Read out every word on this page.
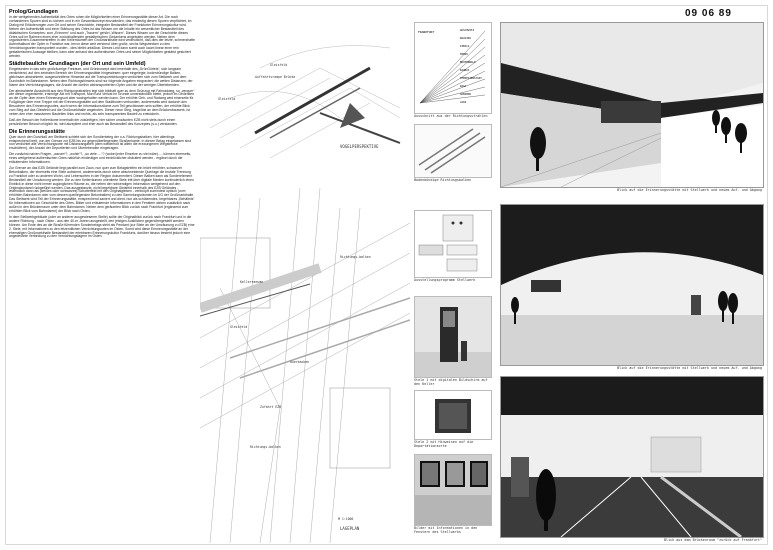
09 06 89
Prolog/Grundlagen

In der weitgehenden Authentizität des Ortes ruhen die Möglichkeiten einer Erinnerungsstätte dieser Art. Die noch vorhandenen Spuren sind zu sichern und in ein Gesamtkonzept einzubinden, das eindeutig diesen Spuren verpflichtet, im Dialog mit Erläuterungen zum Ort und seiner Geschichte, integraler Bestandteil der Frankfurter Erinnerungskultur wird. Neben der Authentizität und einer Stärkung des Ortes ist das Wissen um die Inhalte ein wesentlicher Bestandteil des didaktischen Konzeptes: zum „Erinnern“ und auch „Trauern“ gehört „Wissen“. Dieses Wissen um die Geschichte dieses Ortes soll im Rahmen eines eher zurückhaltenden gestalterischen Gedankens angeboten werden. Neben dem organisierten Zusammentreffen in den Kellerräumen der Großmarkthalle wird verdeutlicht, daß dies der letzte, schmerzhafte Aufenthaltsort der Opfer in Frankfurt war, bevor diese weit verstreut über große, sechs Wegstrecken zu den Vernichtungsorten transportiert wurden - dies bleibt unfaßbar. Dieses Leid kann somit auch kaum linear einer rein gestalterischen Aussage bleiben, kann aber anhand des authentischen Ortes und seiner Möglichkeiten gestärkt gesichert werden.

Städtebauliche Grundlagen (der Ort und sein Umfeld)

Eingebunden in das sehr großräumige Freiraum- und Grünkonzept wird innerhalb des „GrünGürtels“, sich langsam verdichtend, auf den zentralen Bereich der Erinnerungsstätte hingewiesen: quer eingelegte, bodenbündige Balken, gleichsam abstrahierte, ausgeschnittene Hinweise auf die Transportrichtungen verdichten sich zum Stellwerk und dem Durchstich im Bahndamm. Neben dem Richtungshinweis sind nur folgende Angaben eingraviert: die weiten Distanzen, der Name des Vernichtungslagers, die Anzahl der dorthin abtransportierten Opfer und die der wenigen Überlebenden.

Der abstrahierte Ausschnitt aus den Richtungsstrahlen legt sich bildhaft quer zu dem Grünzug mit Fahrradweg, so „verquer“ wie dieser organisierte, irrsinnige Akt mit Transport, Mord und Verlust im Grunde unverständlich bleibt, jedoch im Gedenken an die Opfer über einen Erinnerungsort aber wachgehalten werden kann. Der erhöhte Geh- und Radweg wird einerseits für Fußgänger über eine Treppe mit der Erinnerungsstätte auf dem Stadtboden verbunden, andererseits wird dadurch den Besuchern des Erinnerungsortes, auch wenn die Informationsräume zum Teil geschlossen sein sollten, der erhöhte Blick vom Steg auf das Gleisfeld und die Großmarkthalle angeboten. Dieser neue Steg, losgelöst an dem Brückenbauwerk, ist neben den eher massiveren Bauteilen links und rechts, als sehr transparentes Bauteil zu entwickeln.

Daß der Besuch der Kellerräume innerhalb der zukünftigen, hier sicher umzäunten EZB nicht stets durch einen persönlichen Besuch möglich ist, wird akzeptiert und eher auch als Bestandteil des Konzeptes (s.u.) verstanden.

Die Erinnerungsstätte

Quer durch den Durchlaß am Stellwerk schiebt sich der Sondierbeleg der o.a. Richtungsbalken, hier allerdings entsprechend breit, von der Grenze zur EZB bis zur gegenüberliegenden Straßenkante. In diesen Belag eingelassen sind nun verdichtet alle Vernichtungsorte mit Distanzangaben (dem wiederholt ist allein die erzwungenen Wegstrecke erschüttern), der Anzahl der Deportierten und Überlebenden eingetragen.

Die zunächst naiven Fragen, „warum“?, „wohin“?, „so viele.....“? (wobei jeder Einzelne zu viel wäre)..... können einerseits, eines weitgehend authentischen Ortes natürlich eindeutiger und eindrücklicher diskutiert werden - ergänzt durch die erläuternden Informationen.

Zur Grenze an das EZB Gelände liegt parallel zum Zaun, nun quer zum Belagstreifen ein leicht erhöhter, schwarzer Betonbalken, der einerseits eine Stele aufnimmt, andererseits durch seine abschneidende Querlage die brutale Trennung zu Frankfurt oder zu anderen Wohn- und Lebensorten in der Region dokumentiert. Dieser Balken kann als Sonderelement Bestandteil der Umzäunung werden. Die zu den Kellerräumen orientierte Stele tritt über digitale Medien kontinuierlich einen Einblick in diese nicht immer zugänglichen Räume zu, die neben der notwendigen Information weitgehend auf den Originalzustand rückgeführt werden. Das ausgestanzte, nicht begehbare Gleisfeld innerhalb des EZB Geländes - letzendlich dann als (weißes oder schwarzes) Schotterfeld mit den Originalgleisen - verknüpft zumindest optisch (vom erhöhten Bahndamm oder vom dessen querliegenden Betonbalken) zu den Sammlungsräumen im UG der Großmarkthalle. Das Stellwerk wird Teil der Erinnerungsstätte, entsprechend saniert und dient, nun als schützendes, begehbares „Behältnis“ für Informationen zur Geschichte des Ortes. Bilder und erläuternde Informationen in den Fenstern wirken zusätzlich nach außen in den Brückenraum unter dem Bahndamm. Neben dem geräumten Blick zurück nach Frankfurt (ergänzend zum erhöhten Blick vom Bahndamm) der Blick nach Osten.

In dem Stellwerkgebäude (oder an anderer ausgewiesener Stelle) sollte der Originalblick zurück nach Frankfurt und in die andere Richtung - nach Osten - aus den 40-er Jahren ausgestellt, den jetzigen Ausblicken gegenübergestellt werden können. Am Ende des an die Straße führenden Sonderbelags steht als Pendant (zur Stele an der Umzäunung zu EZB) eine 2. Stele, mit Informationen zu den letzendlichen Vernichtungsorten im Osten. Somit wird diese Erinnerungsstätte an der ehemaligen Großmarkthalle Bestandteil der erlebbaren Erinnerungskultur Frankfurts, darüber hinaus besteht jedoch eine angedeutete Verbindung zu den Vernichtungslagern im Osten.

Gleisfeld
Auffahrtsrampe Brücke
Gleisfeld
VOGELPERSPEKTIVE
Richtungs-balken
Kellerraeume
Gleisfeld
Auerbacken
Zufahrt EZB
Richtungs-balken
LAGEPLAN
M 1:1000
FRANKFURT	AUSCHWITZ
RAASIKU
IZBICA
MINSK
BUCHENWALD
KAUNAS
THERESIENSTADT
RIGA
SOBIBOR
LODZ
Ausschnitt aus der Richtungsstrahlen
Bodenbündige Richtungsbalken
Ausstellungsprogramm Stellwerk
Stele 1 mit digitalen Bildschirm auf den Keller
Stele 2 mit Hinweisen auf die Deportationsorte
Bilder mit Informationen in den Fenstern des Stellwerks
Blick auf die Erinnerungsstätte mit Stellwerk und neuem Auf- und Abgang
Blick auf die Erinnerungsstätte mit Stellwerk und neuem Auf- und Abgang
Blick aus dem Brückenraum "zurück auf Frankfurt"
